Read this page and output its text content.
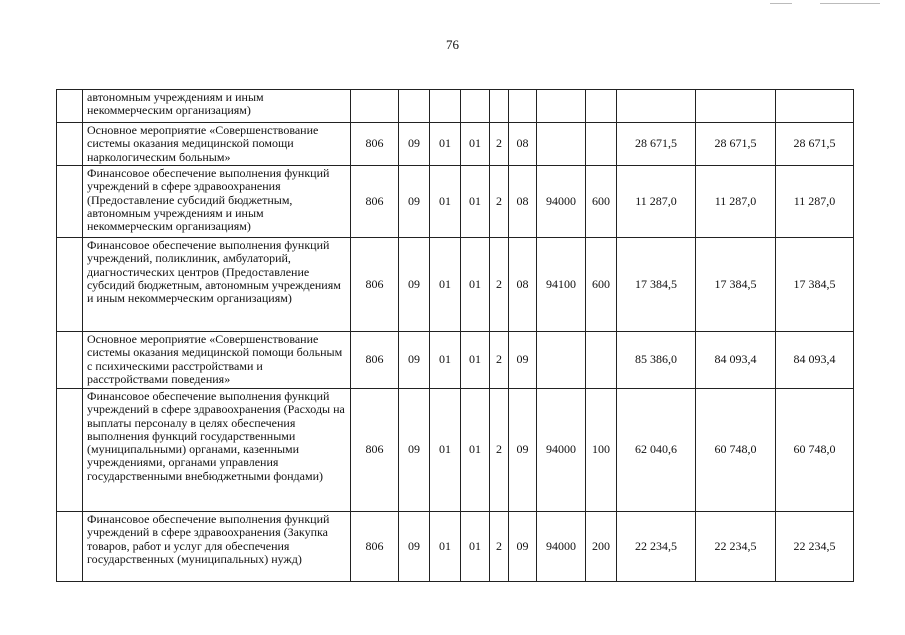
76
	автономным учреждениям и иным некоммерческим организациям)											
	Основное мероприятие «Совершенствование системы оказания медицинской помощи наркологическим больным»	806	09	01	01	2	08			28 671,5	28 671,5	28 671,5
	Финансовое обеспечение выполнения функций учреждений в сфере здравоохранения (Предоставление субсидий бюджетным, автономным учреждениям и иным некоммерческим организациям)	806	09	01	01	2	08	94000	600	11 287,0	11 287,0	11 287,0
	Финансовое обеспечение выполнения функций учреждений, поликлиник, амбулаторий, диагностических центров (Предоставление субсидий бюджетным, автономным учреждениям и иным некоммерческим организациям)	806	09	01	01	2	08	94100	600	17 384,5	17 384,5	17 384,5
	Основное мероприятие «Совершенствование системы оказания медицинской помощи больным с психическими расстройствами и расстройствами поведения»	806	09	01	01	2	09			85 386,0	84 093,4	84 093,4
	Финансовое обеспечение выполнения функций учреждений в сфере здравоохранения (Расходы на выплаты персоналу в целях обеспечения выполнения функций государственными (муниципальными) органами, казенными учреждениями, органами управления государственными внебюджетными фондами)	806	09	01	01	2	09	94000	100	62 040,6	60 748,0	60 748,0
	Финансовое обеспечение выполнения функций учреждений в сфере здравоохранения (Закупка товаров, работ и услуг для обеспечения государственных (муниципальных) нужд)	806	09	01	01	2	09	94000	200	22 234,5	22 234,5	22 234,5
